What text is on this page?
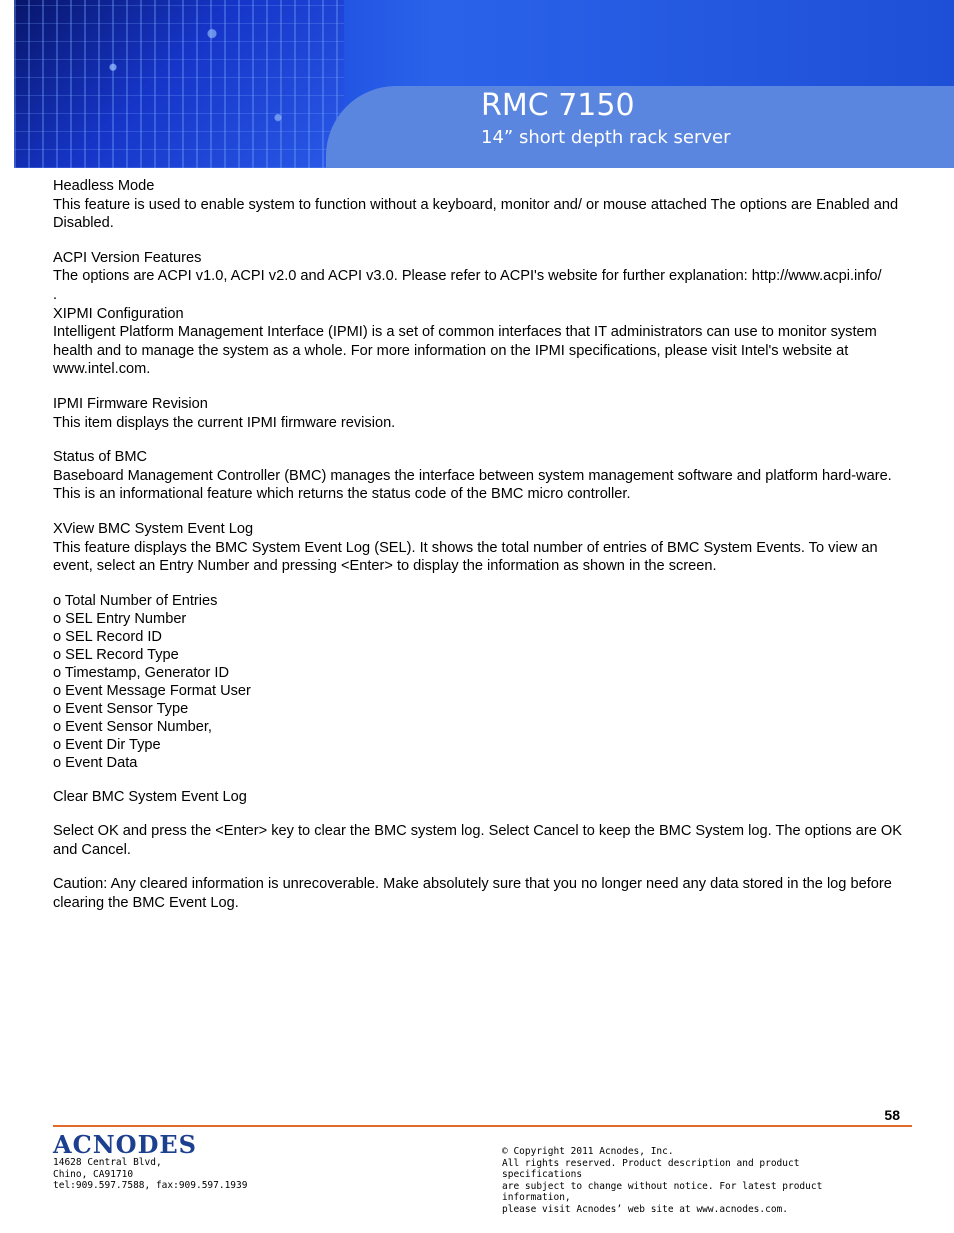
RMC 7150
14” short depth rack server

Headless Mode

This feature is used to enable system to function without a keyboard, monitor and/ or mouse attached The options are Enabled and Disabled.

ACPI Version Features

The options are ACPI v1.0, ACPI v2.0 and ACPI v3.0. Please refer to ACPI's website for further explanation: http://www.acpi.info/

.

XIPMI Configuration

Intelligent Platform Management Interface (IPMI) is a set of common interfaces that IT administrators can use to monitor system health and to manage the system as a whole. For more information on the IPMI specifications, please visit Intel's website at www.intel.com.

IPMI Firmware Revision

This item displays the current IPMI firmware revision.

Status of BMC

Baseboard Management Controller (BMC) manages the interface between system management software and platform hard-ware. This is an informational feature which returns the status code of the BMC micro controller.

XView BMC System Event Log

This feature displays the BMC System Event Log (SEL). It shows the total number of entries of BMC System Events. To view an event, select an Entry Number and pressing <Enter> to display the information as shown in the screen.

o Total Number of Entries

o SEL Entry Number

o SEL Record ID

o SEL Record Type

o Timestamp, Generator ID

o Event Message Format User

o Event Sensor Type

o Event Sensor Number,

o Event Dir Type

o Event Data

Clear BMC System Event Log

Select OK and press the <Enter> key to clear the BMC system log. Select Cancel to keep the BMC System log. The options are OK and Cancel.

Caution: Any cleared information is unrecoverable. Make absolutely sure that you no longer need any data stored in the log before clearing the BMC Event Log.

58
ACNODES
14628 Central Blvd,
Chino, CA91710
tel:909.597.7588, fax:909.597.1939
© Copyright 2011 Acnodes, Inc.
All rights reserved. Product description and product specifications
are subject to change without notice. For latest product information,
please visit Acnodes’ web site at www.acnodes.com.
